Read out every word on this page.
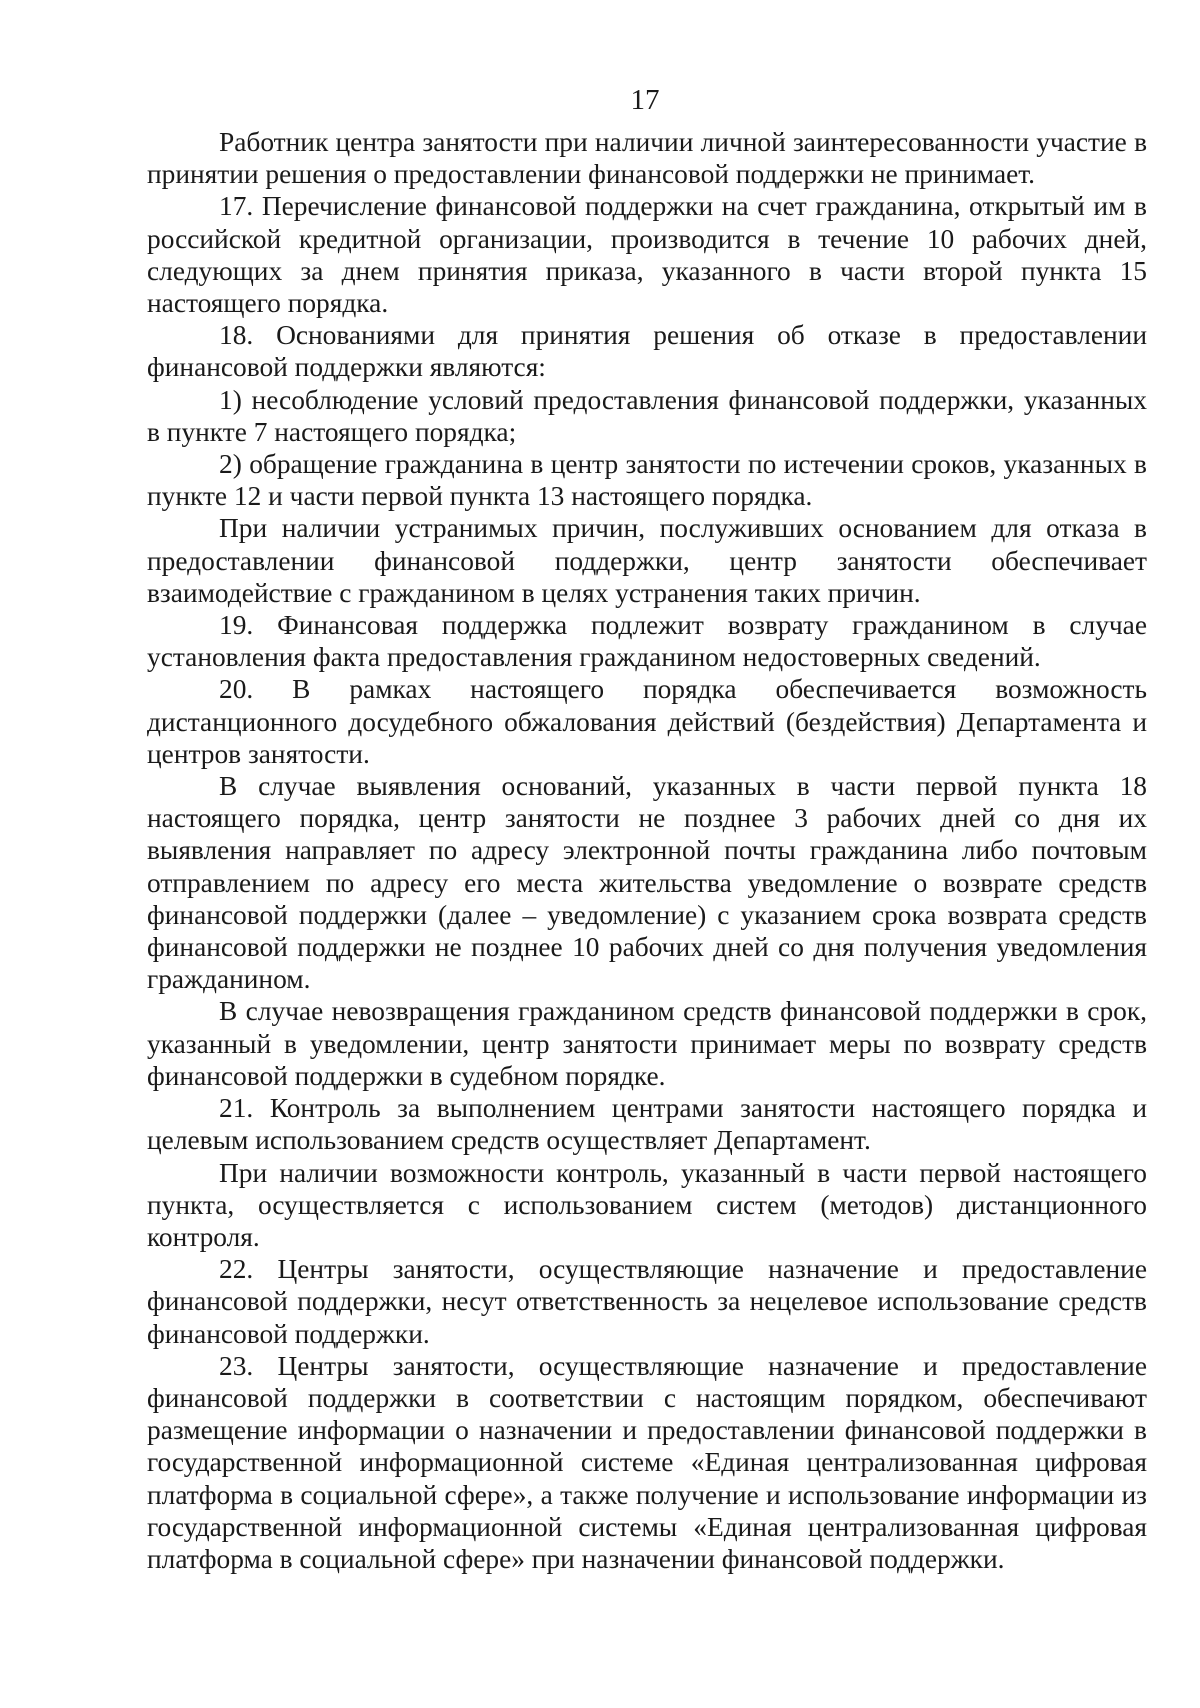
17

Работник центра занятости при наличии личной заинтересованности участие в принятии решения о предоставлении финансовой поддержки не принимает.

17. Перечисление финансовой поддержки на счет гражданина, открытый им в российской кредитной организации, производится в течение 10 рабочих дней, следующих за днем принятия приказа, указанного в части второй пункта 15 настоящего порядка.

18. Основаниями для принятия решения об отказе в предоставлении финансовой поддержки являются:

1) несоблюдение условий предоставления финансовой поддержки, указанных в пункте 7 настоящего порядка;

2) обращение гражданина в центр занятости по истечении сроков, указанных в пункте 12 и части первой пункта 13 настоящего порядка.

При наличии устранимых причин, послуживших основанием для отказа в предоставлении финансовой поддержки, центр занятости обеспечивает взаимодействие с гражданином в целях устранения таких причин.

19. Финансовая поддержка подлежит возврату гражданином в случае установления факта предоставления гражданином недостоверных сведений.

20. В рамках настоящего порядка обеспечивается возможность дистанционного досудебного обжалования действий (бездействия) Департамента и центров занятости.

В случае выявления оснований, указанных в части первой пункта 18 настоящего порядка, центр занятости не позднее 3 рабочих дней со дня их выявления направляет по адресу электронной почты гражданина либо почтовым отправлением по адресу его места жительства уведомление о возврате средств финансовой поддержки (далее – уведомление) с указанием срока возврата средств финансовой поддержки не позднее 10 рабочих дней со дня получения уведомления гражданином.

В случае невозвращения гражданином средств финансовой поддержки в срок, указанный в уведомлении, центр занятости принимает меры по возврату средств финансовой поддержки в судебном порядке.

21. Контроль за выполнением центрами занятости настоящего порядка и целевым использованием средств осуществляет Департамент.

При наличии возможности контроль, указанный в части первой настоящего пункта, осуществляется с использованием систем (методов) дистанционного контроля.

22. Центры занятости, осуществляющие назначение и предоставление финансовой поддержки, несут ответственность за нецелевое использование средств финансовой поддержки.

23. Центры занятости, осуществляющие назначение и предоставление финансовой поддержки в соответствии с настоящим порядком, обеспечивают размещение информации о назначении и предоставлении финансовой поддержки в государственной информационной системе «Единая централизованная цифровая платформа в социальной сфере», а также получение и использование информации из государственной информационной системы «Единая централизованная цифровая платформа в социальной сфере» при назначении финансовой поддержки.
